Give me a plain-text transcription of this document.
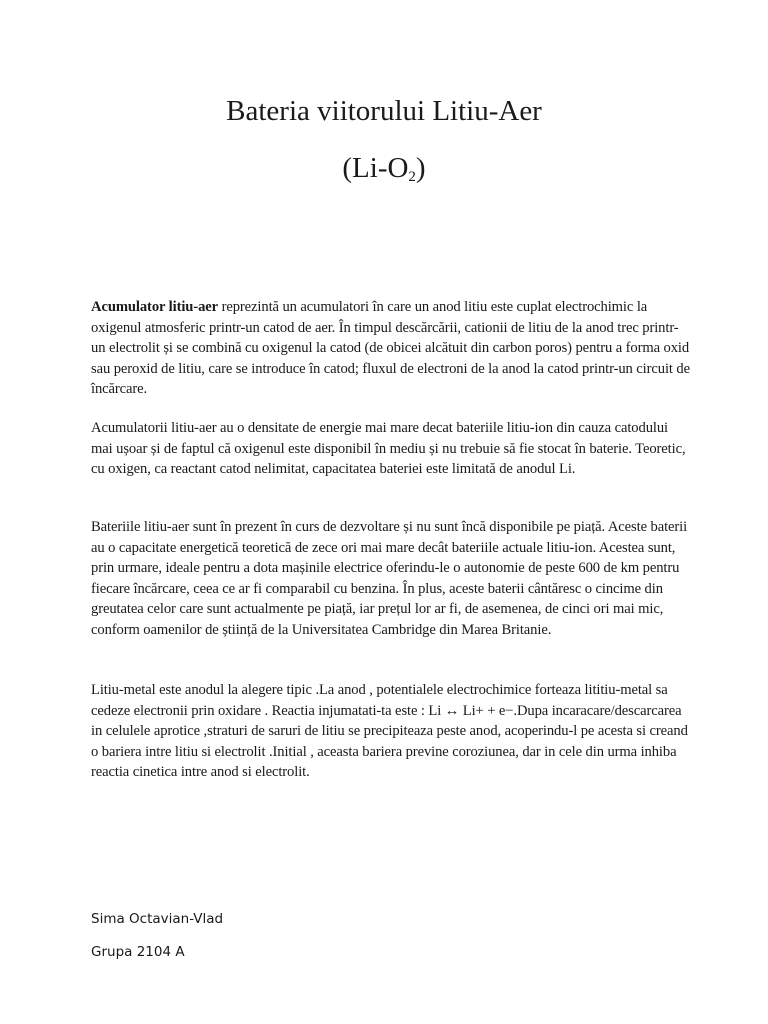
Bateria viitorului Litiu-Aer
$(Li-O_2)$

Acumulator litiu-aer reprezintă un acumulatori în care un anod litiu este cuplat electrochimic la oxigenul atmosferic printr-un catod de aer. În timpul descărcării, cationii de litiu de la anod trec printr-un electrolit și se combină cu oxigenul la catod (de obicei alcătuit din carbon poros) pentru a forma oxid sau peroxid de litiu, care se introduce în catod; fluxul de electroni de la anod la catod printr-un circuit de încărcare.

Acumulatorii litiu-aer au o densitate de energie mai mare decat bateriile litiu-ion din cauza catodului mai ușoar și de faptul că oxigenul este disponibil în mediu și nu trebuie să fie stocat în baterie. Teoretic, cu oxigen, ca reactant catod nelimitat, capacitatea bateriei este limitată de anodul Li.

Bateriile litiu-aer sunt în prezent în curs de dezvoltare și nu sunt încă disponibile pe piață. Aceste baterii au o capacitate energetică teoretică de zece ori mai mare decât bateriile actuale litiu-ion. Acestea sunt, prin urmare, ideale pentru a dota mașinile electrice oferindu-le o autonomie de peste 600 de km pentru fiecare încărcare, ceea ce ar fi comparabil cu benzina. În plus, aceste baterii cântăresc o cincime din greutatea celor care sunt actualmente pe piață, iar prețul lor ar fi, de asemenea, de cinci ori mai mic, conform oamenilor de știință de la Universitatea Cambridge din Marea Britanie.

Litiu-metal este anodul la alegere tipic .La anod , potentialele electrochimice forteaza lititiu-metal sa cedeze electronii prin oxidare . Reactia injumatati-ta este : Li ↔ Li+ + e−.Dupa incaracare/descarcarea in celulele aprotice ,straturi de saruri de litiu se precipiteaza peste anod, acoperindu-l pe acesta si creand o bariera intre litiu si electrolit .Initial , aceasta bariera previne coroziunea, dar in cele din urma inhiba reactia cinetica intre anod si electrolit.

Sima Octavian-Vlad

Grupa 2104 A
